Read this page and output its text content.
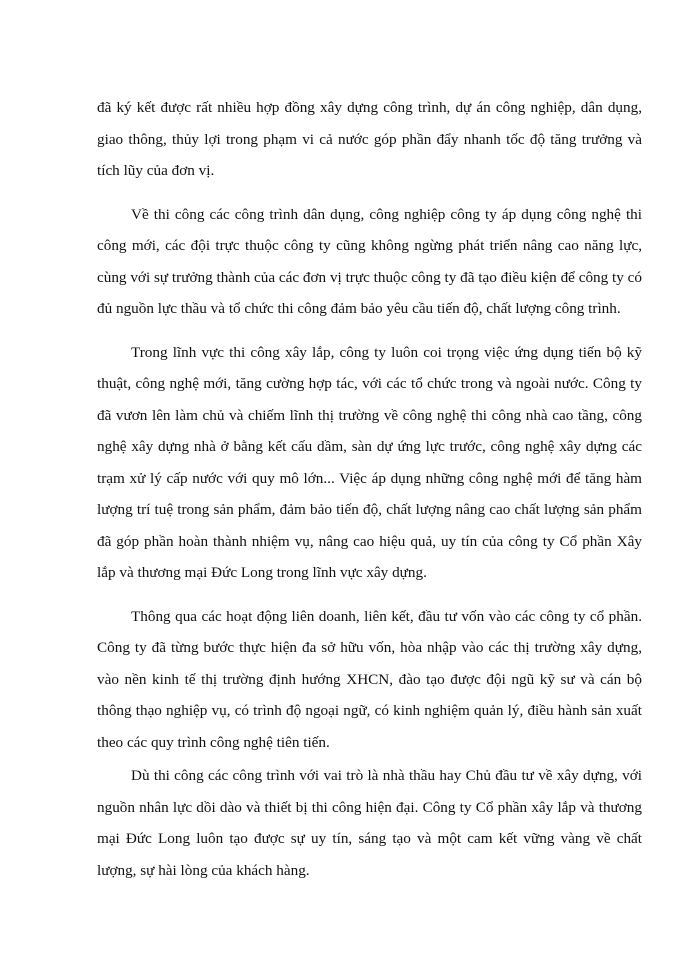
đã ký kết được rất nhiều hợp đồng xây dựng công trình, dự án công nghiệp, dân dụng, giao thông, thủy lợi trong phạm vi cả nước góp phần đẩy nhanh tốc độ tăng trưởng và tích lũy của đơn vị.

Về thi công các công trình dân dụng, công nghiệp công ty áp dụng công nghệ thi công mới, các đội trực thuộc công ty cũng không ngừng phát triển nâng cao năng lực, cùng với sự trưởng thành của các đơn vị trực thuộc công ty đã tạo điều kiện để công ty có đủ nguồn lực thầu và tổ chức thi công đảm bảo yêu cầu tiến độ, chất lượng công trình.

Trong lĩnh vực thi công xây lắp, công ty luôn coi trọng việc ứng dụng tiến bộ kỹ thuật, công nghệ mới, tăng cường hợp tác, với các tổ chức trong và ngoài nước. Công ty đã vươn lên làm chủ và chiếm lĩnh thị trường về công nghệ thi công nhà cao tầng, công nghệ xây dựng nhà ở bằng kết cấu dầm, sàn dự ứng lực trước, công nghệ xây dựng các trạm xử lý cấp nước với quy mô lớn... Việc áp dụng những công nghệ mới để tăng hàm lượng trí tuệ trong sản phẩm, đảm bảo tiến độ, chất lượng nâng cao chất lượng sản phẩm đã góp phần hoàn thành nhiệm vụ, nâng cao hiệu quả, uy tín của công ty Cổ phần Xây lắp và thương mại Đức Long trong lĩnh vực xây dựng.

Thông qua các hoạt động liên doanh, liên kết, đầu tư vốn vào các công ty cổ phần. Công ty đã từng bước thực hiện đa sở hữu vốn, hòa nhập vào các thị trường xây dựng, vào nền kinh tế thị trường định hướng XHCN, đào tạo được đội ngũ kỹ sư và cán bộ thông thạo nghiệp vụ, có trình độ ngoại ngữ, có kinh nghiệm quản lý, điều hành sản xuất theo các quy trình công nghệ tiên tiến.

Dù thi công các công trình với vai trò là nhà thầu hay Chủ đầu tư về xây dựng, với nguồn nhân lực dồi dào và thiết bị thi công hiện đại. Công ty Cổ phần xây lắp và thương mại Đức Long luôn tạo được sự uy tín, sáng tạo và một cam kết vững vàng về chất lượng, sự hài lòng của khách hàng.
